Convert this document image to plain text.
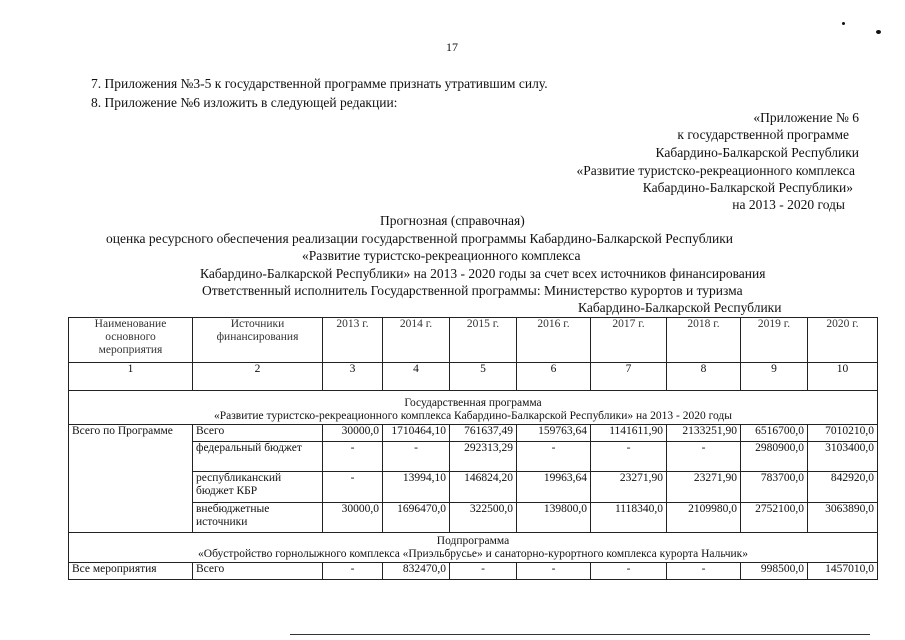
17
7. Приложения №3-5 к государственной программе признать утратившим силу.
8. Приложение №6 изложить в следующей редакции:
«Приложение № 6
к государственной программе
Кабардино-Балкарской Республики
«Развитие туристско-рекреационного комплекса
Кабардино-Балкарской Республики»
на 2013 - 2020 годы
Прогнозная (справочная)
оценка ресурсного обеспечения реализации государственной программы Кабардино-Балкарской Республики
«Развитие туристско-рекреационного комплекса
Кабардино-Балкарской Республики» на 2013 - 2020 годы за счет всех источников финансирования
Ответственный исполнитель Государственной программы: Министерство курортов и туризма
Кабардино-Балкарской Республики
Наименование основного мероприятия	Источники финансирования	2013 г.	2014 г.	2015 г.	2016 г.	2017 г.	2018 г.	2019 г.	2020 г.
1	2	3	4	5	6	7	8	9	10

Государственная программа
«Развитие туристско-рекреационного комплекса Кабардино-Балкарской Республики» на 2013 - 2020 годы									

Всего по Программе	Всего	30000,0	1710464,10	761637,49	159763,64	1141611,90	2133251,90	6516700,0	7010210,0
	федеральный бюджет	-	-	292313,29	-	-	-	2980900,0	3103400,0
	республиканский бюджет КБР	-	13994,10	146824,20	19963,64	23271,90	23271,90	783700,0	842920,0
	внебюджетные источники	30000,0	1696470,0	322500,0	139800,0	1118340,0	2109980,0	2752100,0	3063890,0

Подпрограмма
«Обустройство горнолыжного комплекса «Приэльбрусье» и санаторно-курортного комплекса курорта Нальчик»									

Все мероприятия	Всего	-	832470,0	-	-	-	-	998500,0	1457010,0
